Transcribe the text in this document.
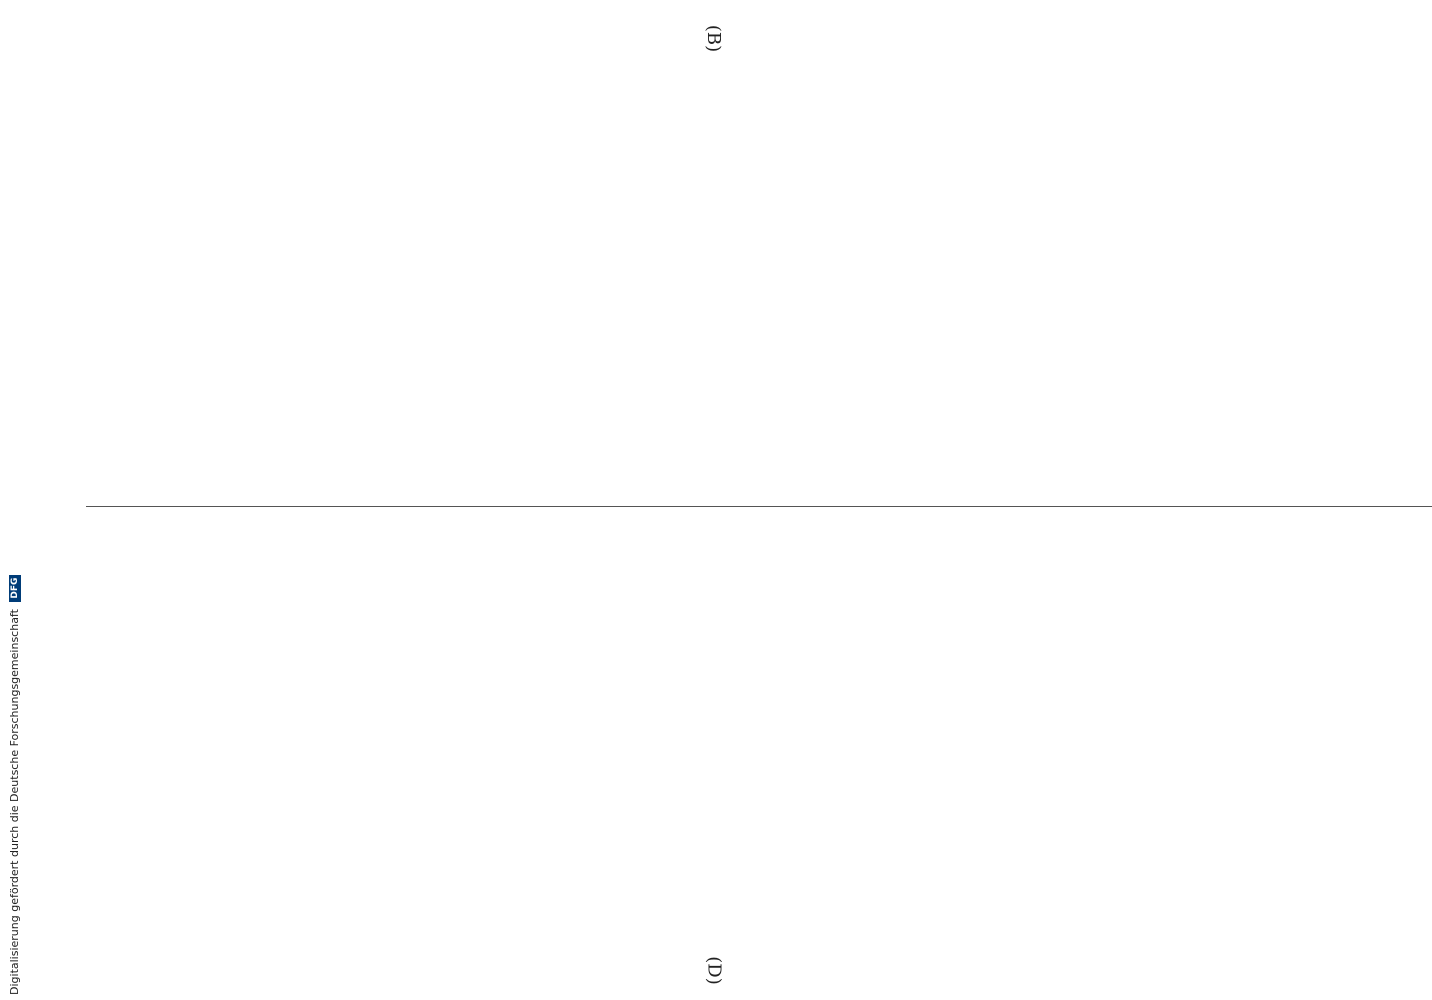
(B)
(D)
Digitalisierung gefördert durch die Deutsche Forschungsgemeinschaft DFG
